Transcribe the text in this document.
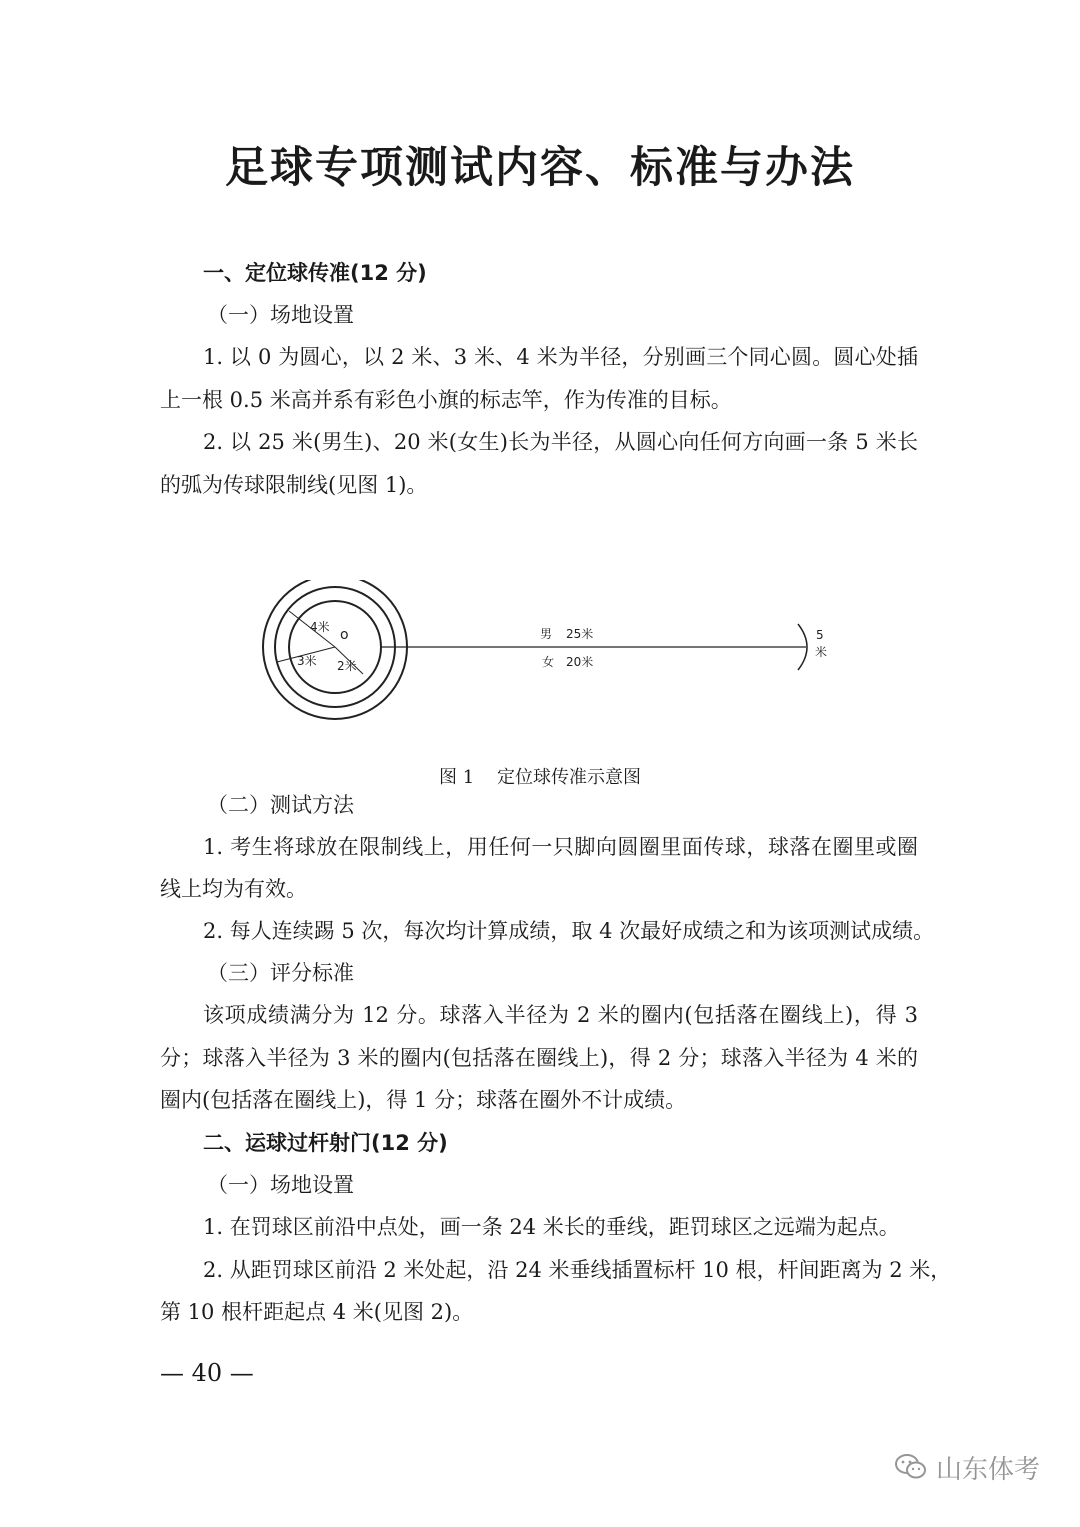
足球专项测试内容、标准与办法

一、定位球传准(12 分)

（一）场地设置

1. 以 0 为圆心，以 2 米、3 米、4 米为半径，分别画三个同心圆。圆心处插

上一根 0.5 米高并系有彩色小旗的标志竿，作为传准的目标。

2. 以 25 米(男生)、20 米(女生)长为半径，从圆心向任何方向画一条 5 米长

的弧为传球限制线(见图 1)。

o
4米
3米 2米
男 25米
女 20米
5
米

图 1    定位球传准示意图

（二）测试方法

1. 考生将球放在限制线上，用任何一只脚向圆圈里面传球，球落在圈里或圈

线上均为有效。

2. 每人连续踢 5 次，每次均计算成绩，取 4 次最好成绩之和为该项测试成绩。

（三）评分标准

该项成绩满分为 12 分。球落入半径为 2 米的圈内(包括落在圈线上)，得 3

分；球落入半径为 3 米的圈内(包括落在圈线上)，得 2 分；球落入半径为 4 米的

圈内(包括落在圈线上)，得 1 分；球落在圈外不计成绩。

二、运球过杆射门(12 分)

（一）场地设置

1. 在罚球区前沿中点处，画一条 24 米长的垂线，距罚球区之远端为起点。

2. 从距罚球区前沿 2 米处起，沿 24 米垂线插置标杆 10 根，杆间距离为 2 米，

第 10 根杆距起点 4 米(见图 2)。

— 40 —

山东体考
